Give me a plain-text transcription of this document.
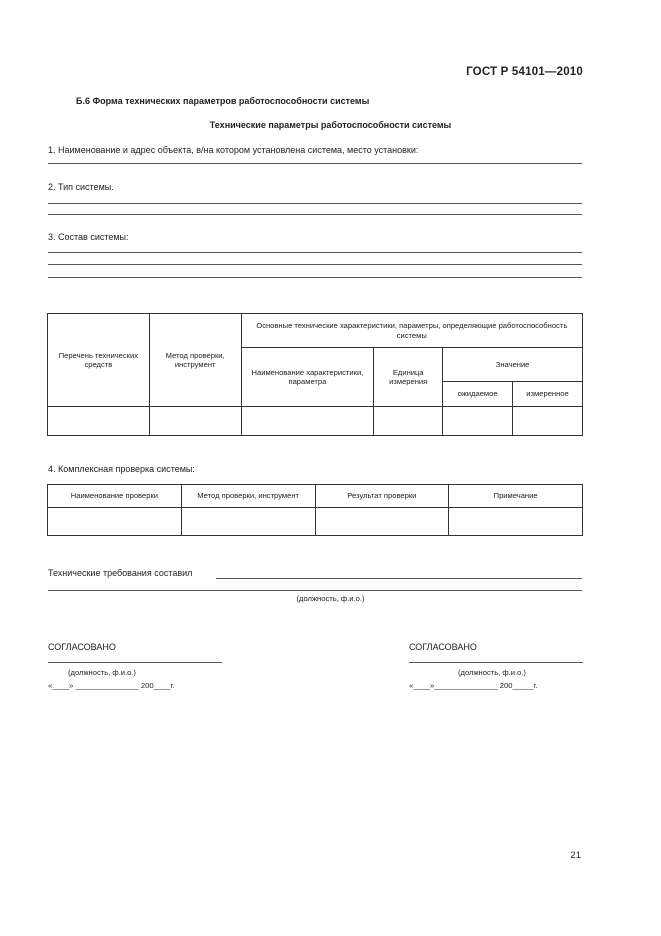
ГОСТ Р 54101—2010
Б.6 Форма технических параметров работоспособности системы
Технические параметры работоспособности системы
1. Наименование и адрес объекта, в/на котором установлена система, место установки:
2. Тип системы.
3. Состав системы:
Перечень технических средств	Метод проверки, инструмент	Основные технические характеристики, параметры, определяющие работоспособность системы			
		Наименование характеристики, параметра	Единица измерения	Значение	
				ожидаемое	измеренное

4. Комплексная проверка системы:
Наименование проверки	Метод проверки, инструмент	Результат проверки	Примечание

Технические требования составил
(должность, ф.и.о.)
СОГЛАСОВАНО
(должность, ф.и.о.)
«____» _______________ 200____г.
СОГЛАСОВАНО
(должность, ф.и.о.)
«____»_______________ 200_____г.
21
